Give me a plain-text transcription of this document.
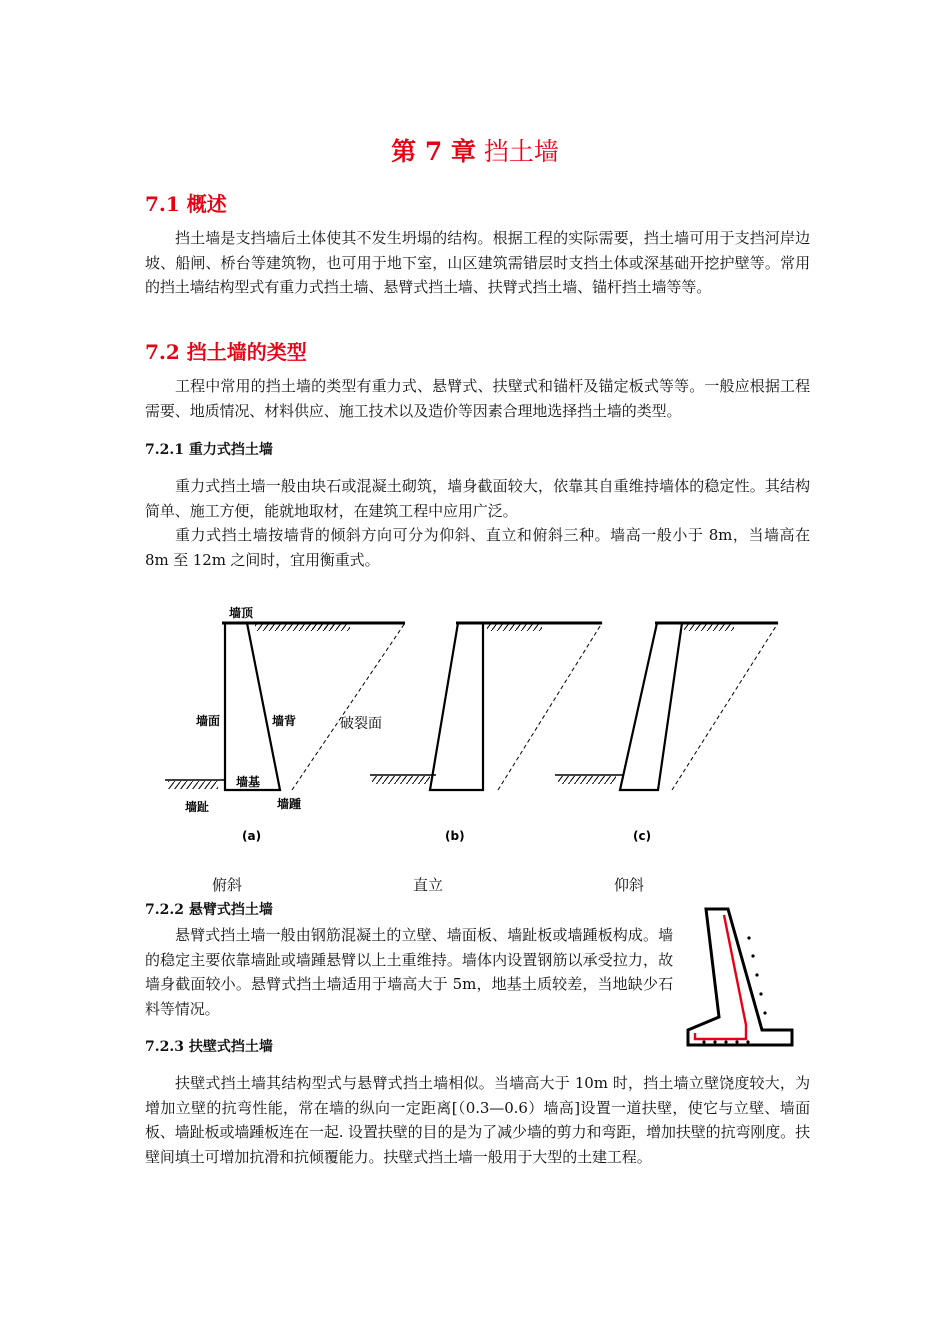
第 7 章 挡土墙
7.1 概述
挡土墙是支挡墙后土体使其不发生坍塌的结构。根据工程的实际需要，挡土墙可用于支挡河岸边坡、船闸、桥台等建筑物，也可用于地下室，山区建筑需错层时支挡土体或深基础开挖护壁等。常用的挡土墙结构型式有重力式挡土墙、悬臂式挡土墙、扶臂式挡土墙、锚杆挡土墙等等。
7.2 挡土墙的类型
工程中常用的挡土墙的类型有重力式、悬臂式、扶壁式和锚杆及锚定板式等等。一般应根据工程需要、地质情况、材料供应、施工技术以及造价等因素合理地选择挡土墙的类型。
7.2.1 重力式挡土墙
重力式挡土墙一般由块石或混凝土砌筑，墙身截面较大，依靠其自重维持墙体的稳定性。其结构简单、施工方便，能就地取材，在建筑工程中应用广泛。
重力式挡土墙按墙背的倾斜方向可分为仰斜、直立和俯斜三种。墙高一般小于 8m，当墙高在 8m 至 12m 之间时，宜用衡重式。
墙顶
墙面	墙背
墙基
墙趾	墙踵
破裂面
(a)	(b)	(c)
俯斜	直立	仰斜
7.2.2 悬臂式挡土墙
悬臂式挡土墙一般由钢筋混凝土的立壁、墙面板、墙趾板或墙踵板构成。墙的稳定主要依靠墙趾或墙踵悬臂以上土重维持。墙体内设置钢筋以承受拉力，故墙身截面较小。悬臂式挡土墙适用于墙高大于 5m，地基土质较差，当地缺少石料等情况。
7.2.3 扶壁式挡土墙
扶壁式挡土墙其结构型式与悬臂式挡土墙相似。当墙高大于 10m 时，挡土墙立壁饶度较大，为增加立壁的抗弯性能，常在墙的纵向一定距离[（0.3—0.6）墙高]设置一道扶壁，使它与立壁、墙面板、墙趾板或墙踵板连在一起. 设置扶壁的目的是为了减少墙的剪力和弯距，增加扶壁的抗弯刚度。扶壁间填土可增加抗滑和抗倾覆能力。扶壁式挡土墙一般用于大型的土建工程。
